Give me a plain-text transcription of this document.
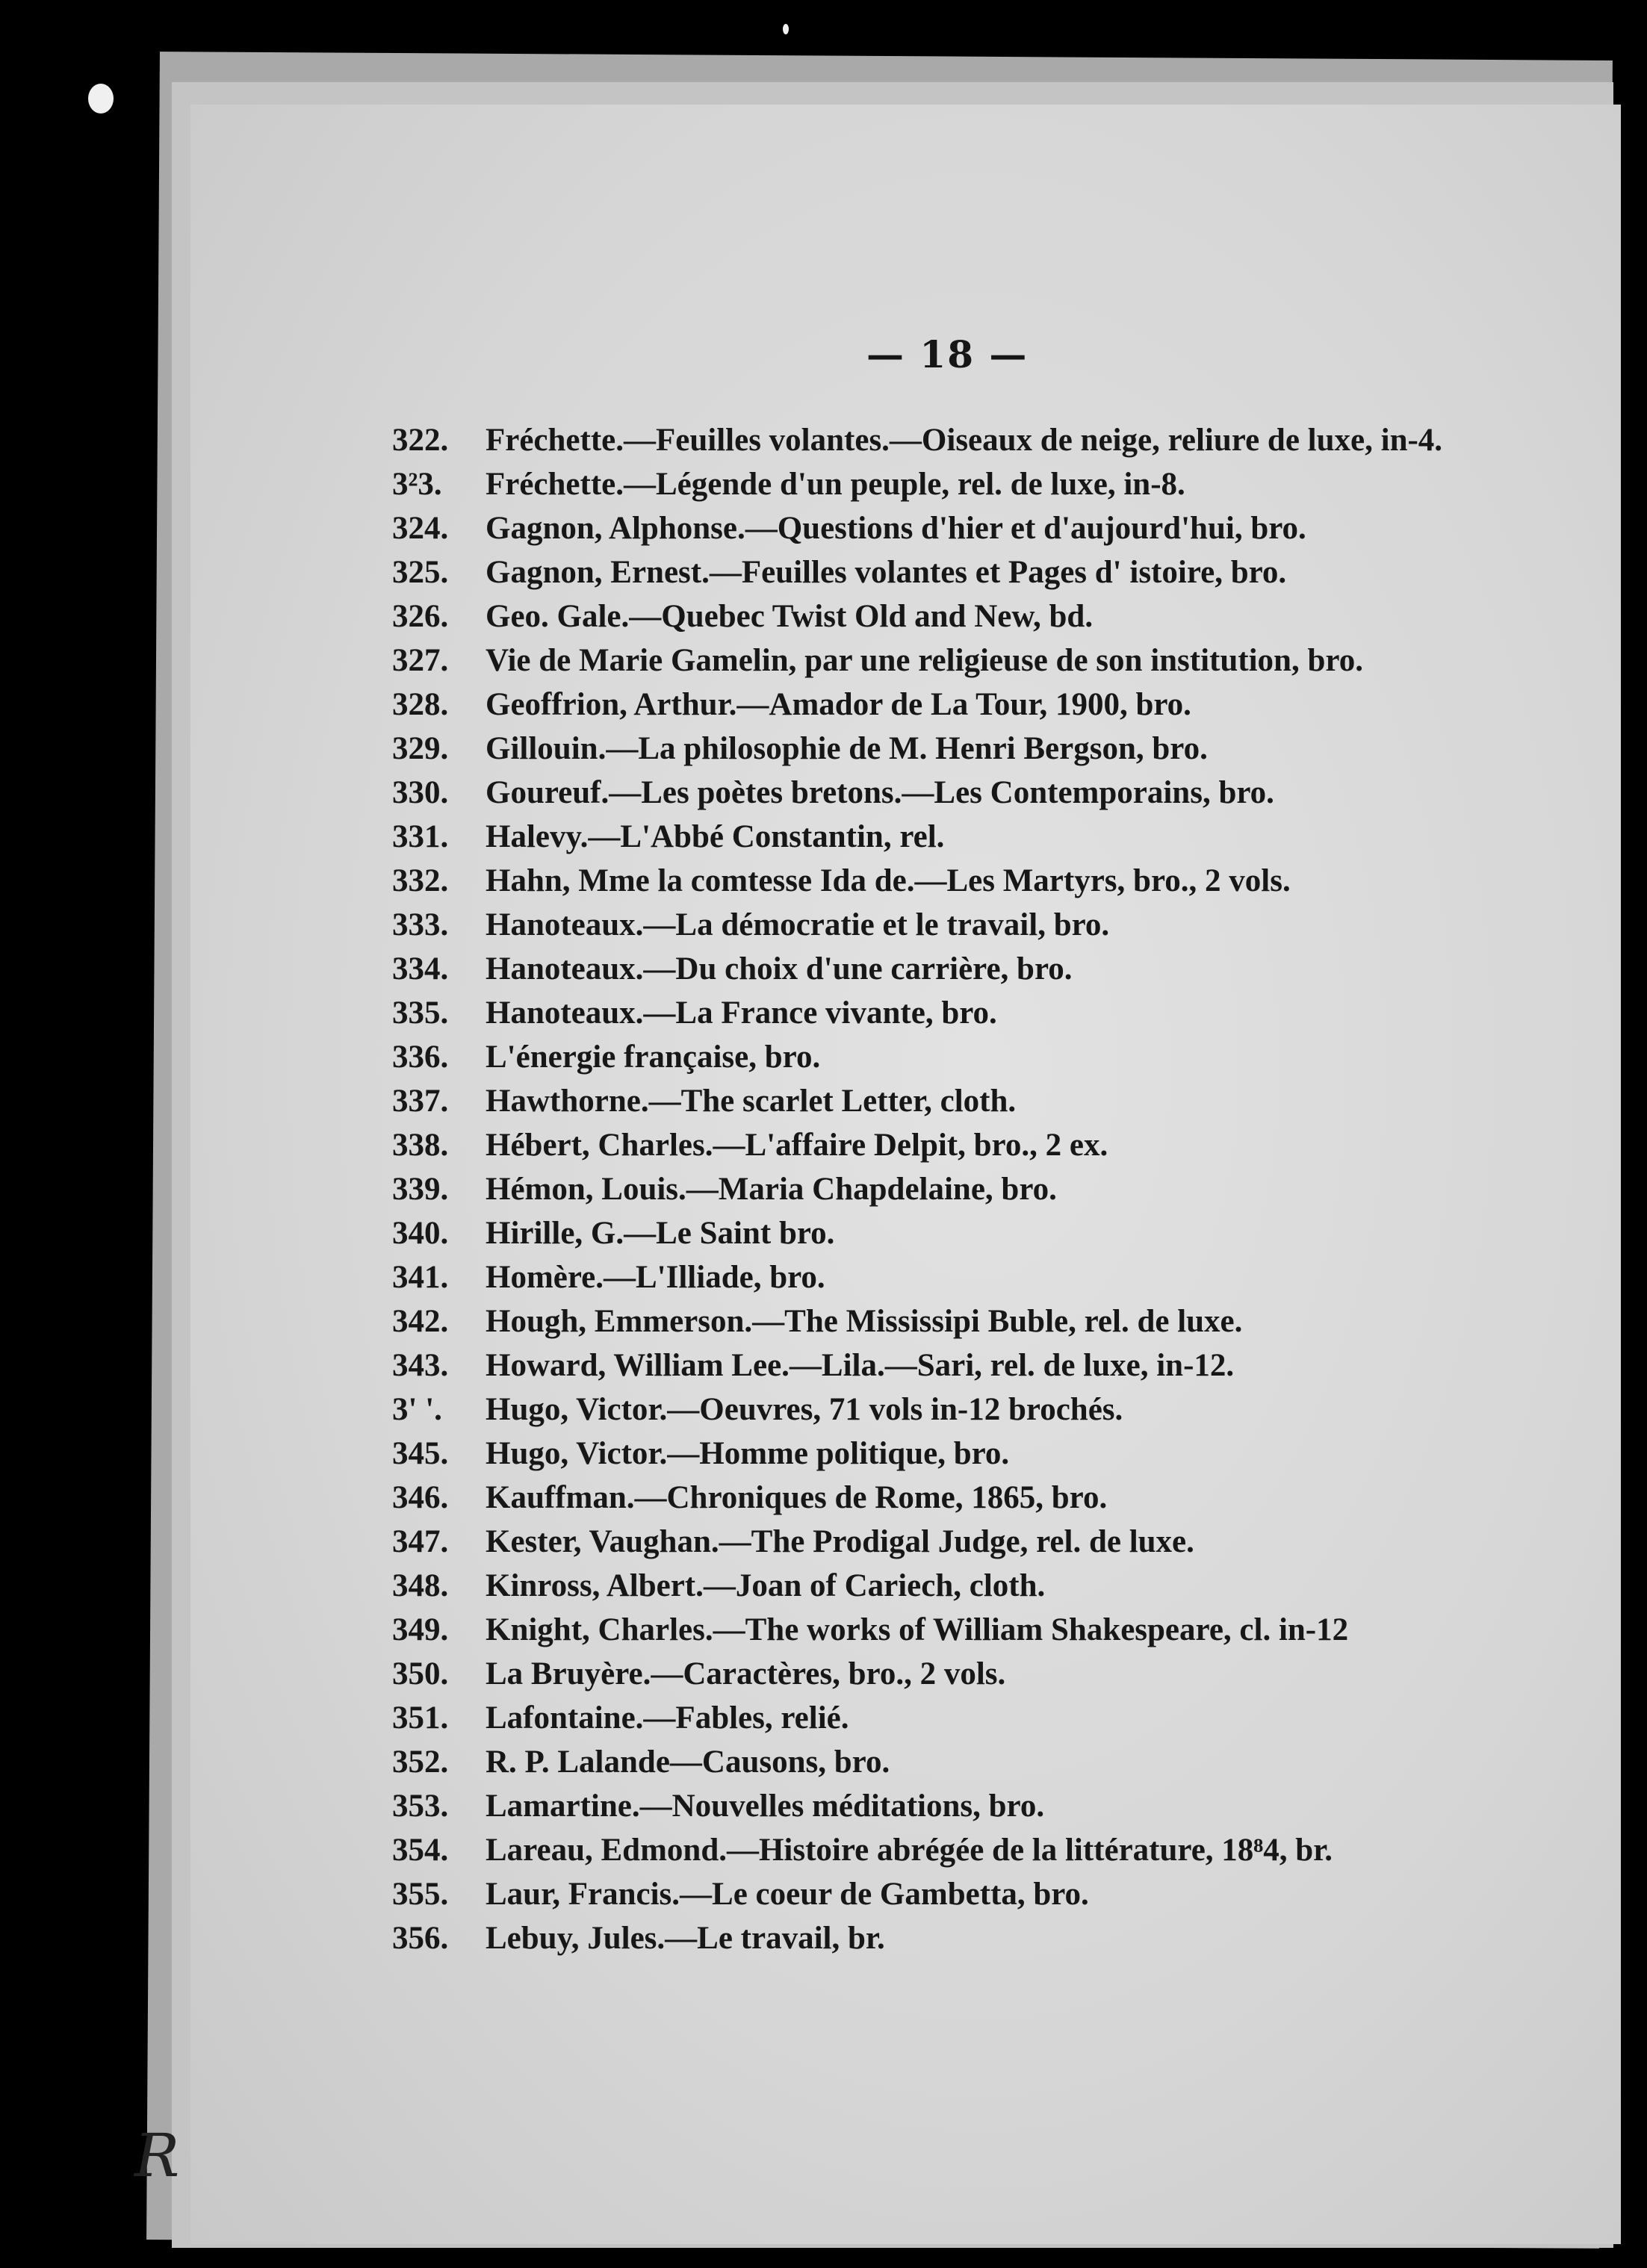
— 18 —
322.	Fréchette.—Feuilles volantes.—Oiseaux de neige, reliure de luxe, in-4.
3²3.	Fréchette.—Légende d'un peuple, rel. de luxe, in-8.
324.	Gagnon, Alphonse.—Questions d'hier et d'aujourd'hui, bro.
325.	Gagnon, Ernest.—Feuilles volantes et Pages d' istoire, bro.
326.	Geo. Gale.—Quebec Twist Old and New, bd.
327.	Vie de Marie Gamelin, par une religieuse de son institution, bro.
328.	Geoffrion, Arthur.—Amador de La Tour, 1900, bro.
329.	Gillouin.—La philosophie de M. Henri Bergson, bro.
330.	Goureuf.—Les poètes bretons.—Les Contemporains, bro.
331.	Halevy.—L'Abbé Constantin, rel.
332.	Hahn, Mme la comtesse Ida de.—Les Martyrs, bro., 2 vols.
333.	Hanoteaux.—La démocratie et le travail, bro.
334.	Hanoteaux.—Du choix d'une carrière, bro.
335.	Hanoteaux.—La France vivante, bro.
336.	L'énergie française, bro.
337.	Hawthorne.—The scarlet Letter, cloth.
338.	Hébert, Charles.—L'affaire Delpit, bro., 2 ex.
339.	Hémon, Louis.—Maria Chapdelaine, bro.
340.	Hirille, G.—Le Saint bro.
341.	Homère.—L'Illiade, bro.
342.	Hough, Emmerson.—The Mississipi Buble, rel. de luxe.
343.	Howard, William Lee.—Lila.—Sari, rel. de luxe, in-12.
3' '.	Hugo, Victor.—Oeuvres, 71 vols in-12 brochés.
345.	Hugo, Victor.—Homme politique, bro.
346.	Kauffman.—Chroniques de Rome, 1865, bro.
347.	Kester, Vaughan.—The Prodigal Judge, rel. de luxe.
348.	Kinross, Albert.—Joan of Cariech, cloth.
349.	Knight, Charles.—The works of William Shakespeare, cl. in-12
350.	La Bruyère.—Caractères, bro., 2 vols.
351.	Lafontaine.—Fables, relié.
352.	R. P. Lalande—Causons, bro.
353.	Lamartine.—Nouvelles méditations, bro.
354.	Lareau, Edmond.—Histoire abrégée de la littérature, 18⁸4, br.
355.	Laur, Francis.—Le coeur de Gambetta, bro.
356.	Lebuy, Jules.—Le travail, br.
R
